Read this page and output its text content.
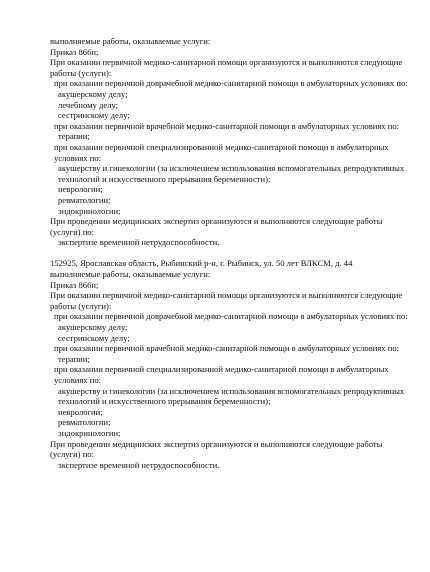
выполняемые работы, оказываемые услуги:
Приказ 866н;
При оказании первичной медико-санитарной помощи организуются и выполняются следующие работы (услуги):
при оказании первичной доврачебной медико-санитарной помощи в амбулаторных условиях по:
акушерскому делу;
лечебному делу;
сестринскому делу;
при оказании первичной врачебной медико-санитарной помощи в амбулаторных условиях по:
терапии;
при оказании первичной специализированной медико-санитарной помощи в амбулаторных условиях по:
акушерству и гинекологии (за исключением использования вспомогательных репродуктивных технологий и искусственного прерывания беременности);
неврологии;
ревматологии;
эндокринологии;
При проведении медицинских экспертиз организуются и выполняются следующие работы (услуги) по:
экспертизе временной нетрудоспособности.
152925, Ярославская область, Рыбинский р-н, г. Рыбинск, ул. 50 лет ВЛКСМ, д. 44
выполняемые работы, оказываемые услуги:
Приказ 866н;
При оказании первичной медико-санитарной помощи организуются и выполняются следующие работы (услуги):
при оказании первичной доврачебной медико-санитарной помощи в амбулаторных условиях по:
акушерскому делу;
сестринскому делу;
при оказании первичной врачебной медико-санитарной помощи в амбулаторных условиях по:
терапии;
при оказании первичной специализированной медико-санитарной помощи в амбулаторных условиях по:
акушерству и гинекологии (за исключением использования вспомогательных репродуктивных технологий и искусственного прерывания беременности);
неврологии;
ревматологии;
эндокринологии;
При проведении медицинских экспертиз организуются и выполняются следующие работы (услуги) по:
экспертизе временной нетрудоспособности.
